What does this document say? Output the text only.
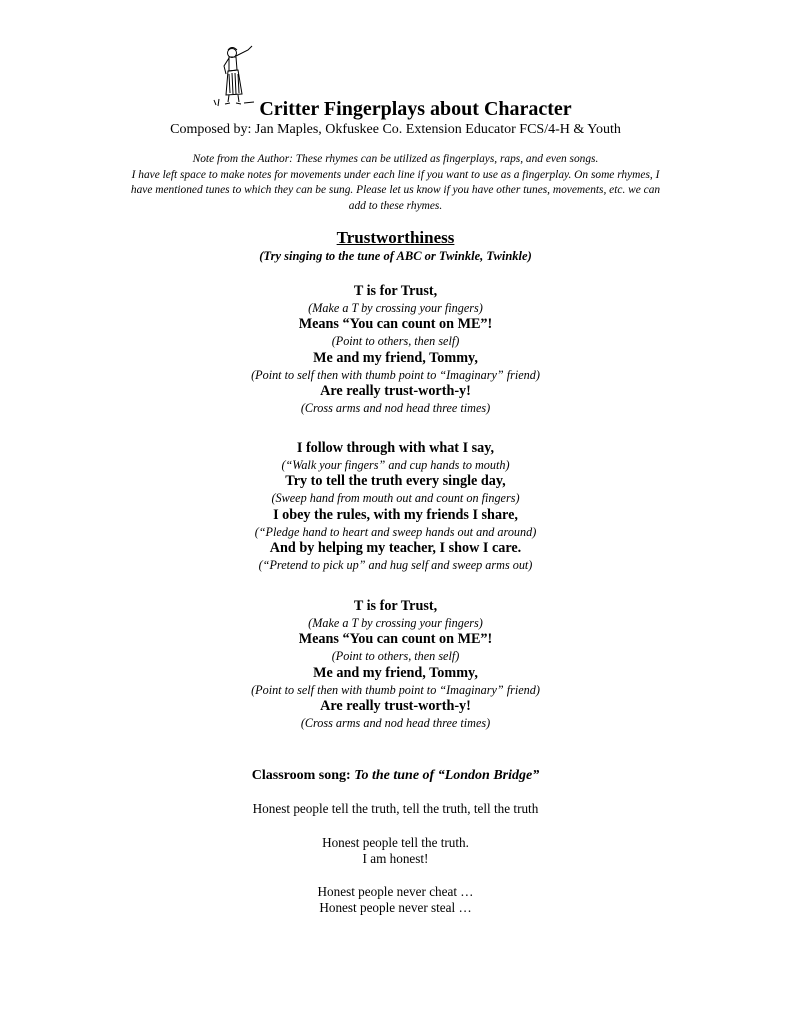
Critter Fingerplays about Character
Composed by: Jan Maples, Okfuskee Co. Extension Educator FCS/4-H & Youth

Note from the Author: These rhymes can be utilized as fingerplays, raps, and even songs.

I have left space to make notes for movements under each line if you want to use as a fingerplay. On some rhymes, I

have mentioned tunes to which they can be sung. Please let us know if you have other tunes, movements, etc. we can

add to these rhymes.

Trustworthiness
(Try singing to the tune of ABC or Twinkle, Twinkle)

T is for Trust,

(Make a T by crossing your fingers)

Means “You can count on ME”!

(Point to others, then self)

Me and my friend, Tommy,

(Point to self then with thumb point to “Imaginary” friend)

Are really trust-worth-y!

(Cross arms and nod head three times)

I follow through with what I say,

(“Walk your fingers” and cup hands to mouth)

Try to tell the truth every single day,

(Sweep hand from mouth out and count on fingers)

I obey the rules, with my friends I share,

(“Pledge hand to heart and sweep hands out and around)

And by helping my teacher, I show I care.

(“Pretend to pick up” and hug self and sweep arms out)

T is for Trust,

(Make a T by crossing your fingers)

Means “You can count on ME”!

(Point to others, then self)

Me and my friend, Tommy,

(Point to self then with thumb point to “Imaginary” friend)

Are really trust-worth-y!

(Cross arms and nod head three times)

Classroom song: To the tune of “London Bridge”
Honest people tell the truth, tell the truth, tell the truth
Honest people tell the truth.
I am honest!
Honest people never cheat …
Honest people never steal …
